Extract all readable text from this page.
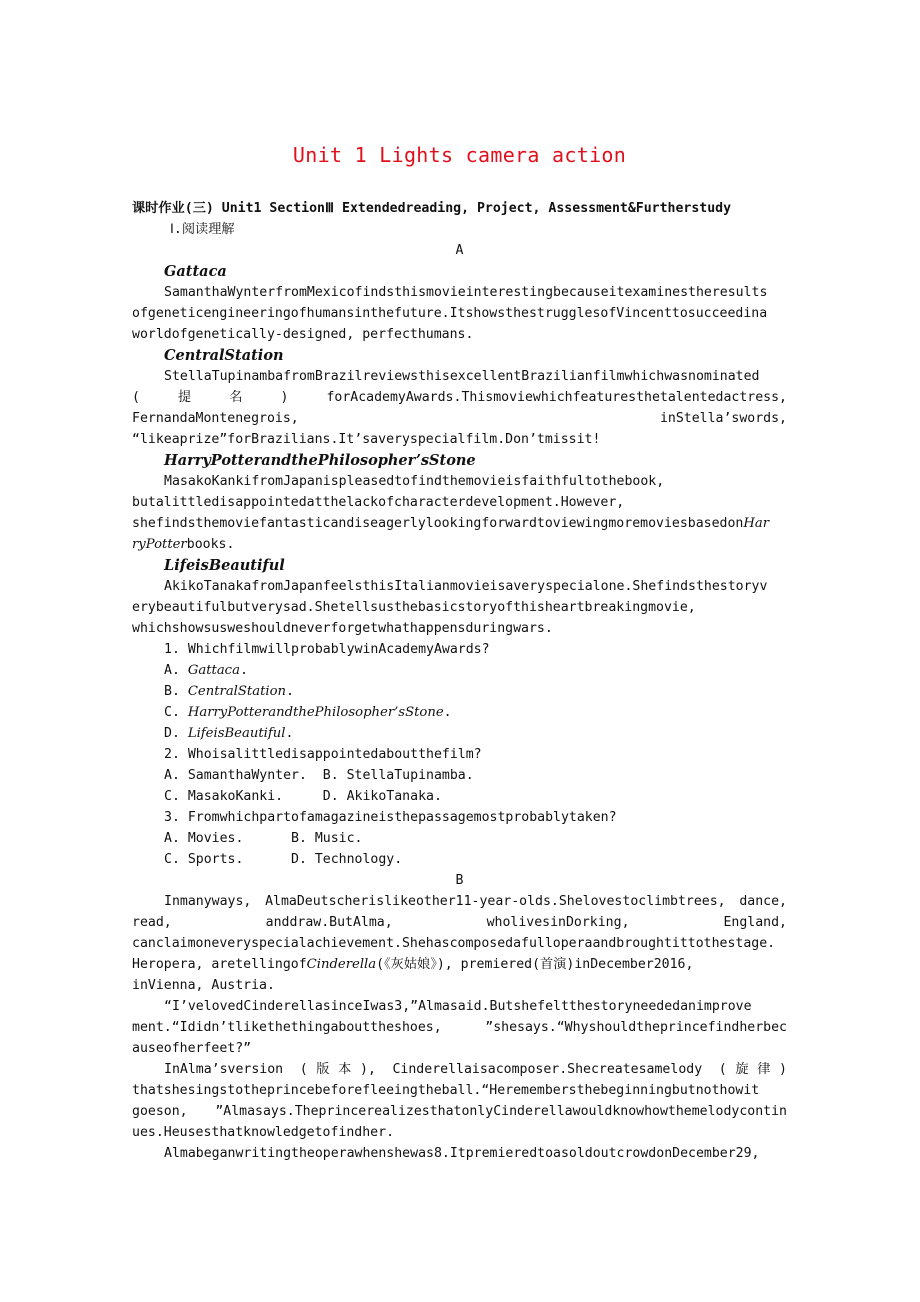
Unit 1 Lights camera action
课时作业(三) Unit1 SectionⅢ Extendedreading, Project, Assessment&Furtherstudy
Ⅰ.阅读理解
A
Gattaca
SamanthaWynterfromMexicofindsthismovieinterestingbecauseitexaminestheresults
ofgeneticengineeringofhumansinthefuture.ItshowsthestrugglesofVincenttosucceedina
worldofgenetically-designed, perfecthumans.
CentralStation
StellaTupinambafromBrazilreviewsthisexcellentBrazilianfilmwhichwasnominated
(	提	名	)	forAcademyAwards.Thismoviewhichfeaturesthetalentedactress,
FernandaMontenegrois,	inStella’swords,
“likeaprize”forBrazilians.It’saveryspecialfilm.Don’tmissit!
HarryPotterandthePhilosopher’sStone
MasakoKankifromJapanispleasedtofindthemovieisfaithfultothebook,
butalittledisappointedatthelackofcharacterdevelopment.However,
shefindsthemoviefantasticandiseagerlylookingforwardtoviewingmoremoviesbasedonHar
ryPotterbooks.
LifeisBeautiful
AkikoTanakafromJapanfeelsthisItalianmovieisaveryspecialone.Shefindsthestoryv
erybeautifulbutverysad.Shetellsusthebasicstoryofthisheartbreakingmovie,
whichshowsusweshouldneverforgetwhathappensduringwars.
1. WhichfilmwillprobablywinAcademyAwards?
A. Gattaca.
B. CentralStation.
C. HarryPotterandthePhilosopher’sStone.
D. LifeisBeautiful.
2. Whoisalittledisappointedaboutthefilm?
A. SamanthaWynter.  B. StellaTupinamba.
C. MasakoKanki.     D. AkikoTanaka.
3. Fromwhichpartofamagazineisthepassagemostprobablytaken?
A. Movies.      B. Music.
C. Sports.      D. Technology.
B
Inmanyways, AlmaDeutscherislikeother11-year-olds.Shelovestoclimbtrees, dance,
read,	anddraw.ButAlma,	wholivesinDorking,	England,
canclaimoneveryspecialachievement.Shehascomposedafulloperaandbroughtittothestage.
Heropera, aretellingofCinderella(《灰姑娘》), premiered(首演)inDecember2016,
inVienna, Austria.
“I’velovedCinderellasinceIwas3,”Almasaid.Butshefeltthestoryneededanimprove
ment.“Ididn’tlikethethingabouttheshoes, ”shesays.“Whyshouldtheprincefindherbec
auseofherfeet?”
InAlma’sversion (版本), Cinderellaisacomposer.Shecreatesamelody (旋律)
thatshesingstotheprincebeforefleeingtheball.“Heremembersthebeginningbutnothowit
goeson, ”Almasays.TheprincerealizesthatonlyCinderellawouldknowhowthemelodycontin
ues.Heusesthatknowledgetofindher.
Almabeganwritingtheoperawhenshewas8.ItpremieredtoasoldoutcrowdonDecember29,
